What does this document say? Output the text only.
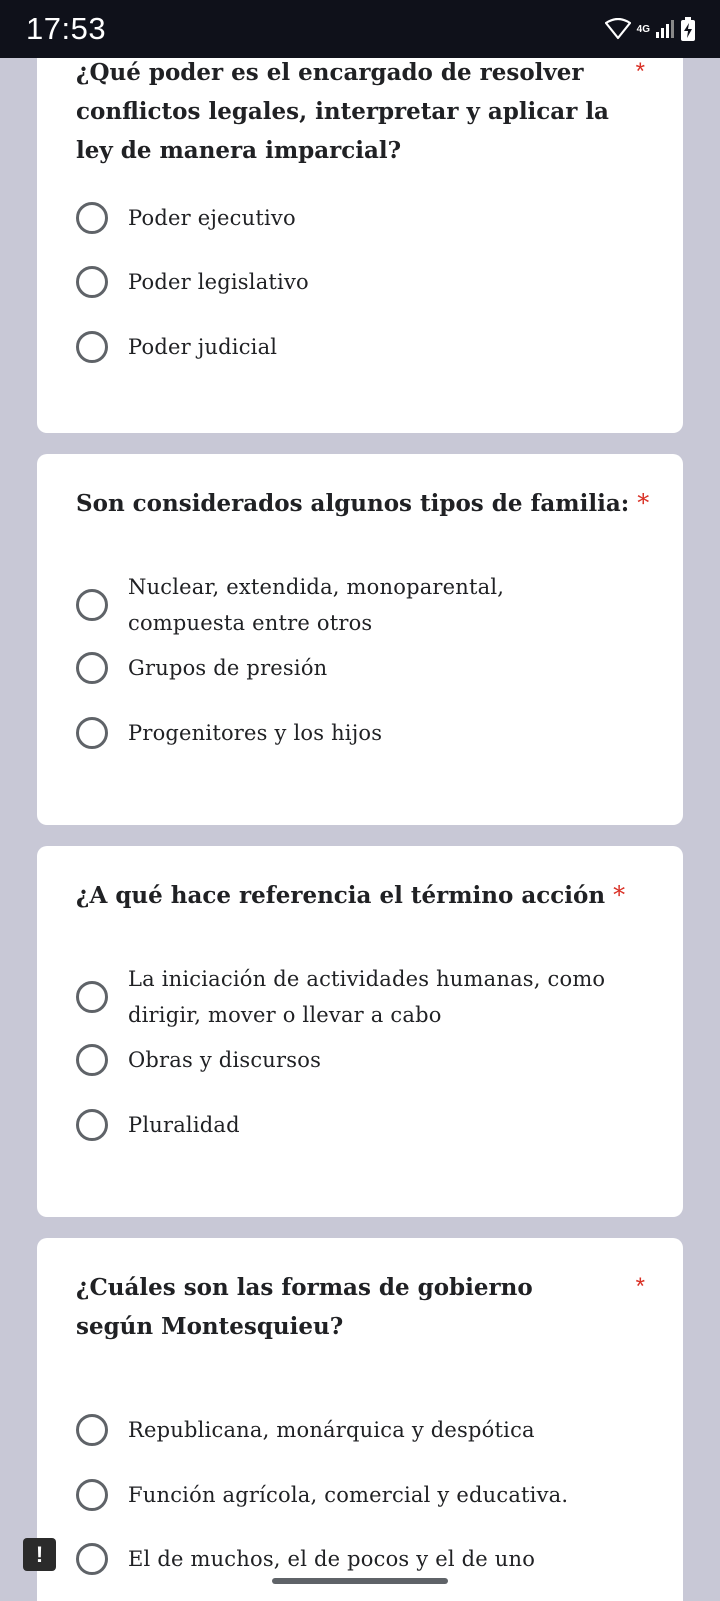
17:53	4G
¿Qué poder es el encargado de resolver conflictos legales, interpretar y aplicar la ley de manera imparcial?
*
Poder ejecutivo
Poder legislativo
Poder judicial
Son considerados algunos tipos de familia: *
Nuclear, extendida, monoparental, compuesta entre otros
Grupos de presión
Progenitores y los hijos
¿A qué hace referencia el término acción *
La iniciación de actividades humanas, como dirigir, mover o llevar a cabo
Obras y discursos
Pluralidad
¿Cuáles son las formas de gobierno según Montesquieu?
*
Republicana, monárquica y despótica
Función agrícola, comercial y educativa.
El de muchos, el de pocos y el de uno
!
